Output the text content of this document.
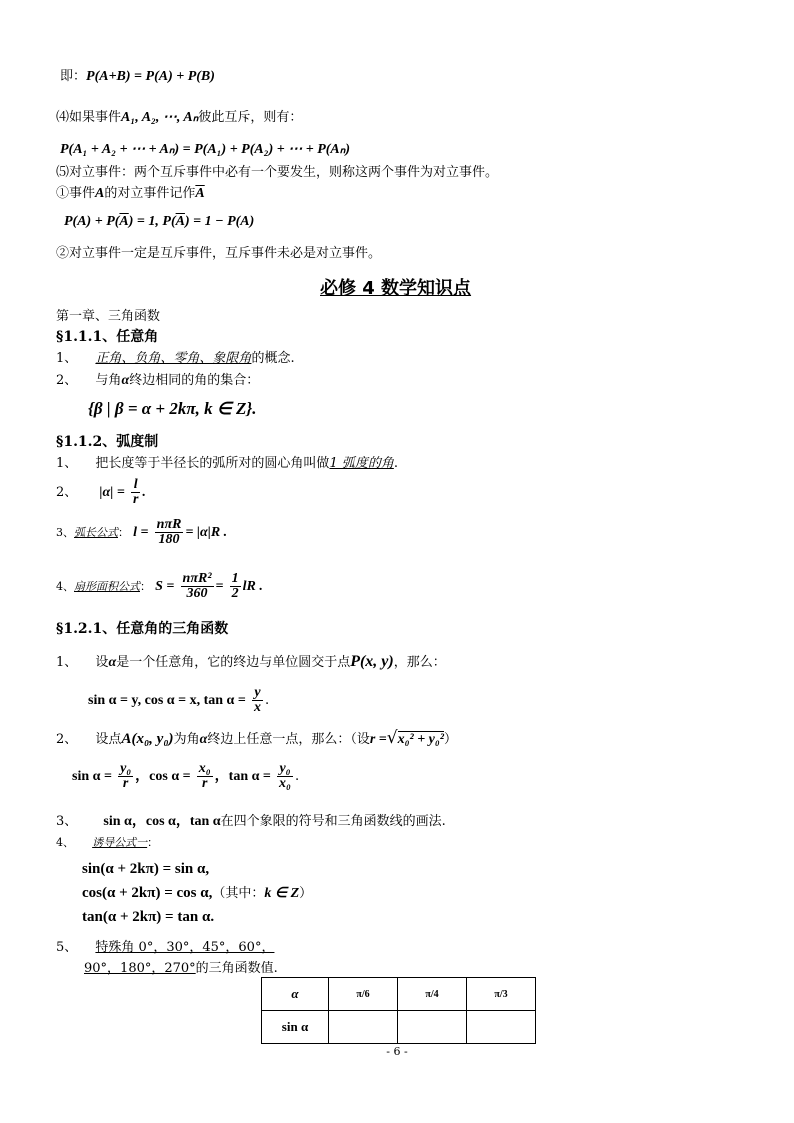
即：P(A+B) = P(A) + P(B)
⑷如果事件A₁, A₂, ⋯, Aₙ彼此互斥，则有：
P(A₁ + A₂ + ⋯ + Aₙ) = P(A₁) + P(A₂) + ⋯ + P(Aₙ)
⑸对立事件：两个互斥事件中必有一个要发生，则称这两个事件为对立事件。
①事件A的对立事件记作$\overline{A}$
$P(A) + P(\overline{A}) = 1$, $P(\overline{A}) = 1 - P(A)$
②对立事件一定是互斥事件，互斥事件未必是对立事件。
必修 4 数学知识点
第一章、三角函数
§1.1.1、任意角
1、 正角、负角、零角、象限角的概念.
2、 与角α终边相同的角的集合：
{β | β = α + 2kπ, k ∈ Z}.
§1.1.2、弧度制
1、 把长度等于半径长的弧所对的圆心角叫做1 弧度的角.
2、 $|\alpha| = \frac{l}{r}$ .
3、弧长公式： $l = \frac{\text{nπR}}{180} = |\alpha|R$ .
4、扇形面积公式： $S = \frac{\text{nπR²}}{360} = \frac{1}{2}$ lR .
§1.2.1、任意角的三角函数
1、 设α是一个任意角，它的终边与单位圆交于点P(x, y)，那么：
sin α = y, cos α = x, $\tan \alpha = \frac{y}{x}$ .
2、 设点A(x₀, y₀)为角α终边上任意一点，那么：（设r =√x₀² + y₀²）
$\sin \alpha = \frac{\text{y₀}}{r}$ ，$\cos \alpha = \frac{\text{x₀}}{r}$ ，$\tan \alpha = \frac{\text{y₀}}{\text{x₀}}$ .
3、 sin α，cos α，tan α在四个象限的符号和三角函数线的画法.
4、 诱导公式一：
sin(α + 2kπ) = sin α,
cos(α + 2kπ) = cos α,（其中：k ∈ Z）
tan(α + 2kπ) = tan α.
5、 特殊角 0°，30°，45°，60°，
90°，180°，270°的三角函数值.
α	π/6	π/4	π/3
sin α			
- 6 -
